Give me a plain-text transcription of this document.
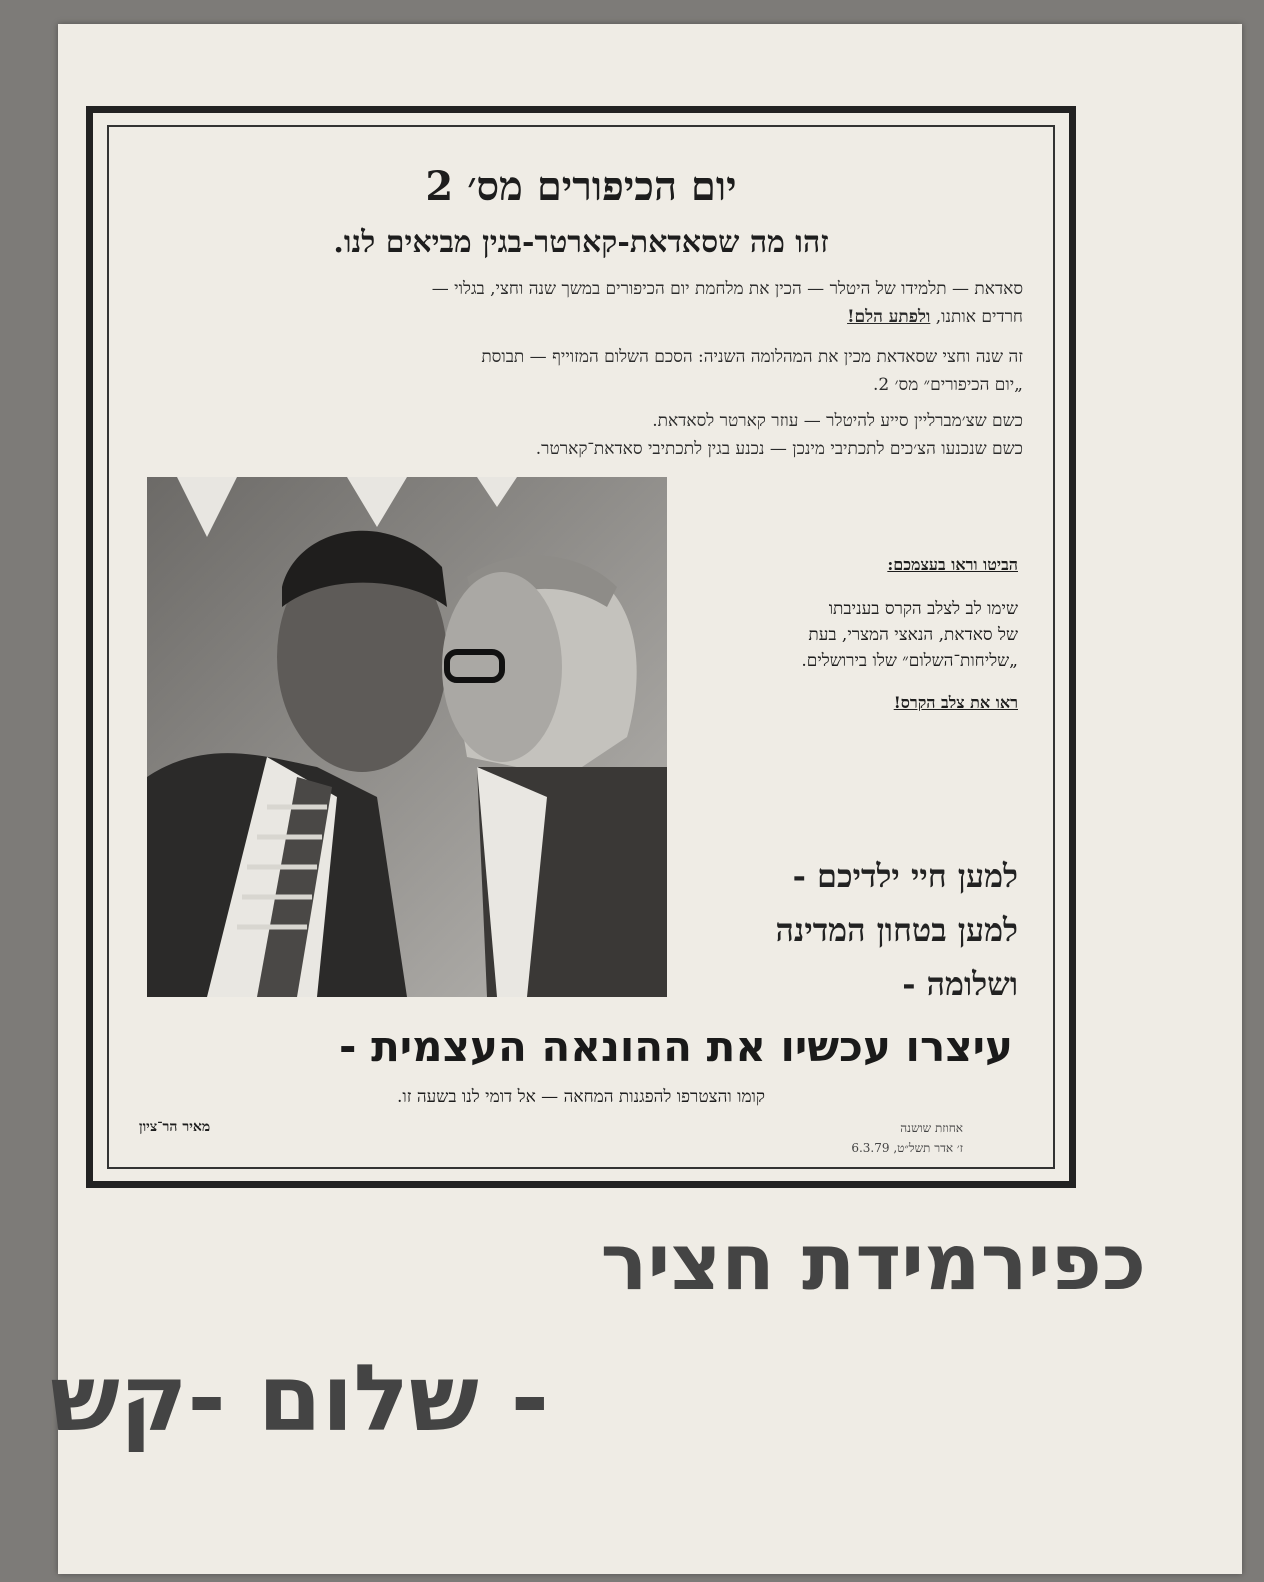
יום הכיפורים מס׳ 2
זהו מה שסאדאת-קארטר-בגין מביאים לנו.
סאדאת — תלמידו של היטלר — הכין את מלחמת יום הכיפורים במשך שנה וחצי, בגלוי —
חרדים אותנו, ולפתע הלם!
זה שנה וחצי שסאדאת מכין את המהלומה השניה: הסכם השלום המזוייף — תבוסת
„יום הכיפורים״ מס׳ 2.
כשם שצ׳מברליין סייע להיטלר — עוזר קארטר לסאדאת.
כשם שנכנעו הצ׳כים לתכתיבי מינכן — נכנע בגין לתכתיבי סאדאת־קארטר.
הביטו וראו בעצמכם:
שימו לב לצלב הקרס בעניבתו
של סאדאת, הנאצי המצרי, בעת
„שליחות־השלום״ שלו בירושלים.
ראו את צלב הקרס!
למען חיי ילדיכם -
למען בטחון המדינה
ושלומה -
עיצרו עכשיו את ההונאה העצמית -
קומו והצטרפו להפגנות המחאה — אל דומי לנו בשעה זו.
מאיר הר־ציון	אחוזת שושנה
ז׳ אדר תשל״ט, 6.3.79
כפירמידת חציר
- שלום -קש
